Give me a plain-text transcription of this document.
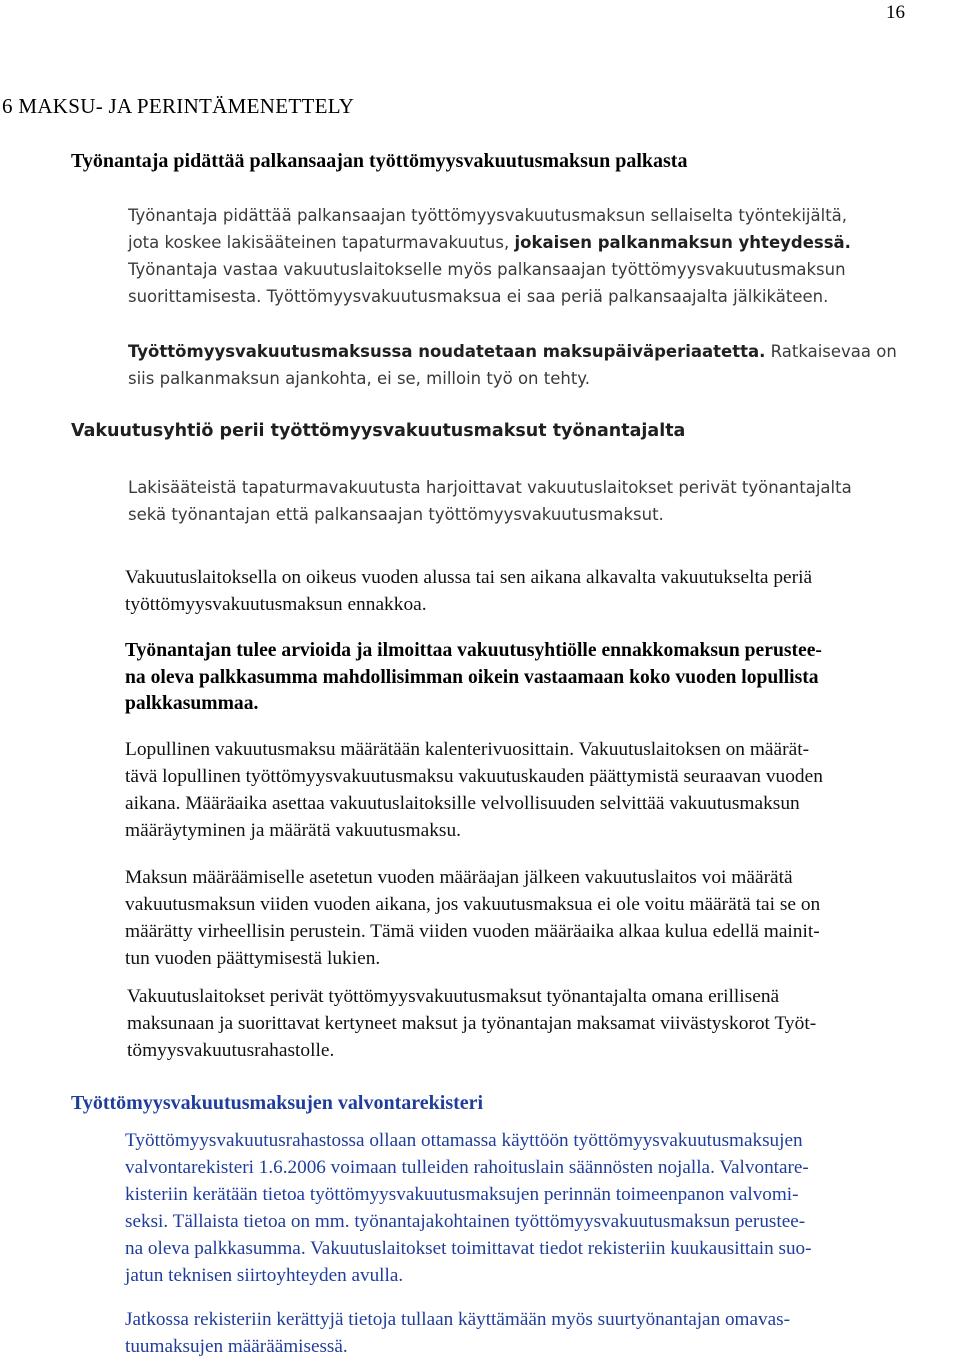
16
6 MAKSU- JA PERINTÄMENETTELY
Työnantaja pidättää palkansaajan työttömyysvakuutusmaksun palkasta
Työnantaja pidättää palkansaajan työttömyysvakuutusmaksun sellaiselta työntekijältä,
jota koskee lakisääteinen tapaturmavakuutus, jokaisen palkanmaksun yhteydessä.
Työnantaja vastaa vakuutuslaitokselle myös palkansaajan työttömyysvakuutusmaksun
suorittamisesta. Työttömyysvakuutusmaksua ei saa periä palkansaajalta jälkikäteen.
Työttömyysvakuutusmaksussa noudatetaan maksupäiväperiaatetta. Ratkaisevaa on
siis palkanmaksun ajankohta, ei se, milloin työ on tehty.
Vakuutusyhtiö perii työttömyysvakuutusmaksut työnantajalta
Lakisääteistä tapaturmavakuutusta harjoittavat vakuutuslaitokset perivät työnantajalta
sekä työnantajan että palkansaajan työttömyysvakuutusmaksut.
Vakuutuslaitoksella on oikeus vuoden alussa tai sen aikana alkavalta vakuutukselta periä
työttömyysvakuutusmaksun ennakkoa.
Työnantajan tulee arvioida ja ilmoittaa vakuutusyhtiölle ennakkomaksun perustee-
na oleva palkkasumma mahdollisimman oikein vastaamaan koko vuoden lopullista
palkkasummaa.
Lopullinen vakuutusmaksu määrätään kalenterivuosittain. Vakuutuslaitoksen on määrät-
tävä lopullinen työttömyysvakuutusmaksu vakuutuskauden päättymistä seuraavan vuoden
aikana. Määräaika asettaa vakuutuslaitoksille velvollisuuden selvittää vakuutusmaksun
määräytyminen ja määrätä vakuutusmaksu.
Maksun määräämiselle asetetun vuoden määräajan jälkeen vakuutuslaitos voi määrätä
vakuutusmaksun viiden vuoden aikana, jos vakuutusmaksua ei ole voitu määrätä tai se on
määrätty virheellisin perustein. Tämä viiden vuoden määräaika alkaa kulua edellä mainit-
tun vuoden päättymisestä lukien.
Vakuutuslaitokset perivät työttömyysvakuutusmaksut työnantajalta omana erillisenä
maksunaan ja suorittavat kertyneet maksut ja työnantajan maksamat viivästyskorot Työt-
tömyysvakuutusrahastolle.
Työttömyysvakuutusmaksujen valvontarekisteri
Työttömyysvakuutusrahastossa ollaan ottamassa käyttöön työttömyysvakuutusmaksujen
valvontarekisteri 1.6.2006 voimaan tulleiden rahoituslain säännösten nojalla. Valvontare-
kisteriin kerätään tietoa työttömyysvakuutusmaksujen perinnän toimeenpanon valvomi-
seksi. Tällaista tietoa on mm. työnantajakohtainen työttömyysvakuutusmaksun perustee-
na oleva palkkasumma. Vakuutuslaitokset toimittavat tiedot rekisteriin kuukausittain suo-
jatun teknisen siirtoyhteyden avulla.
Jatkossa rekisteriin kerättyjä tietoja tullaan käyttämään myös suurtyönantajan omavas-
tuumaksujen määräämisessä.
